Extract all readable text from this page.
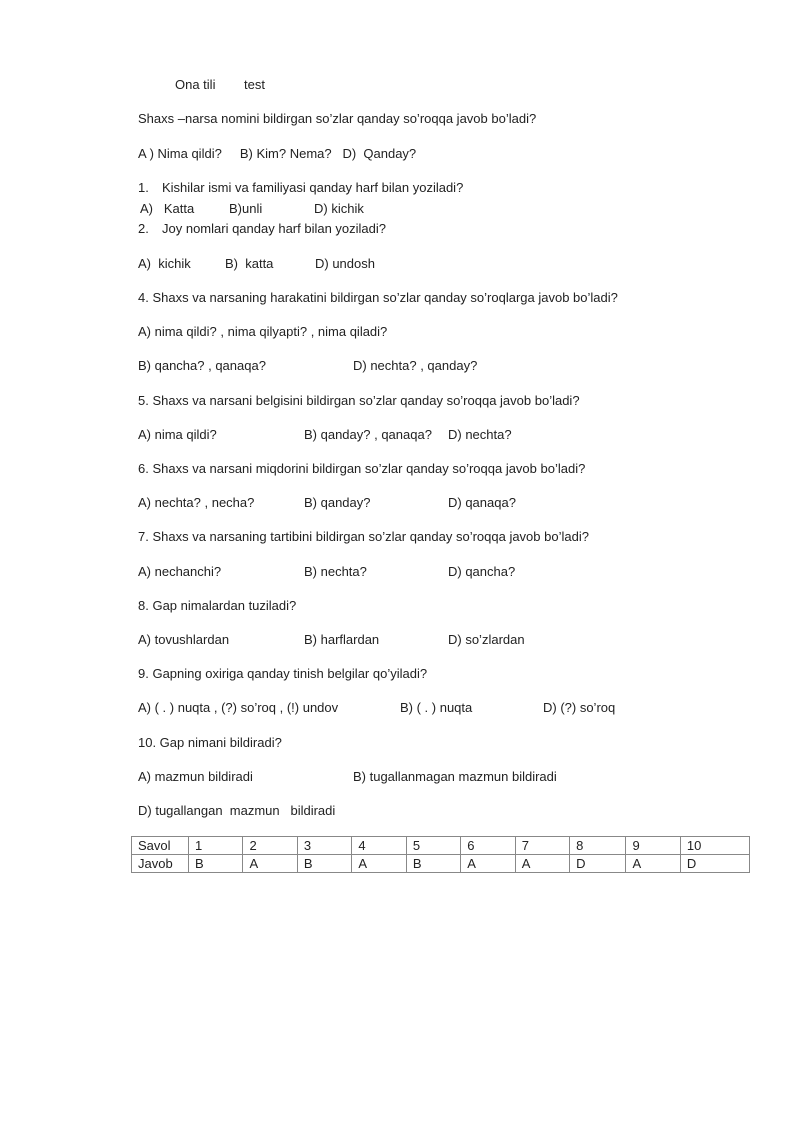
Ona tili test
Shaxs –narsa nomini bildirgan so’zlar qanday so’roqqa javob bo’ladi?
A ) Nima qildi?     B) Kim? Nema?   D)  Qanday?
1. Kishilar ismi va familiyasi qanday harf bilan yoziladi?
A)   Katta	B)unli	D) kichik
2. Joy nomlari qanday harf bilan yoziladi?
A)  kichik	B)  katta	D) undosh
4. Shaxs va narsaning harakatini bildirgan so’zlar qanday so’roqlarga javob bo’ladi?
A) nima qildi? , nima qilyapti? , nima qiladi?
B) qancha? , qanaqa?	D) nechta? , qanday?
5. Shaxs va narsani belgisini bildirgan so’zlar qanday so’roqqa javob bo’ladi?
A) nima qildi?	B) qanday? , qanaqa? D) nechta?
6. Shaxs va narsani miqdorini bildirgan so’zlar qanday so’roqqa javob bo’ladi?
A) nechta? , necha?	B) qanday?	D) qanaqa?
7. Shaxs va narsaning tartibini bildirgan so’zlar qanday so’roqqa javob bo’ladi?
A) nechanchi?	B) nechta?	D) qancha?
8. Gap nimalardan tuziladi?
A) tovushlardan	B) harflardan	D) so’zlardan
9. Gapning oxiriga qanday tinish belgilar qo’yiladi?
A) ( . ) nuqta , (?) so’roq , (!) undov	B) ( . ) nuqta	D) (?) so’roq
10. Gap nimani bildiradi?
A) mazmun bildiradi	B) tugallanmagan mazmun bildiradi
D) tugallangan  mazmun   bildiradi
Savol	1	2	3	4	5	6	7	8	9	10
Javob	B	A	B	A	B	A	A	D	A	D
